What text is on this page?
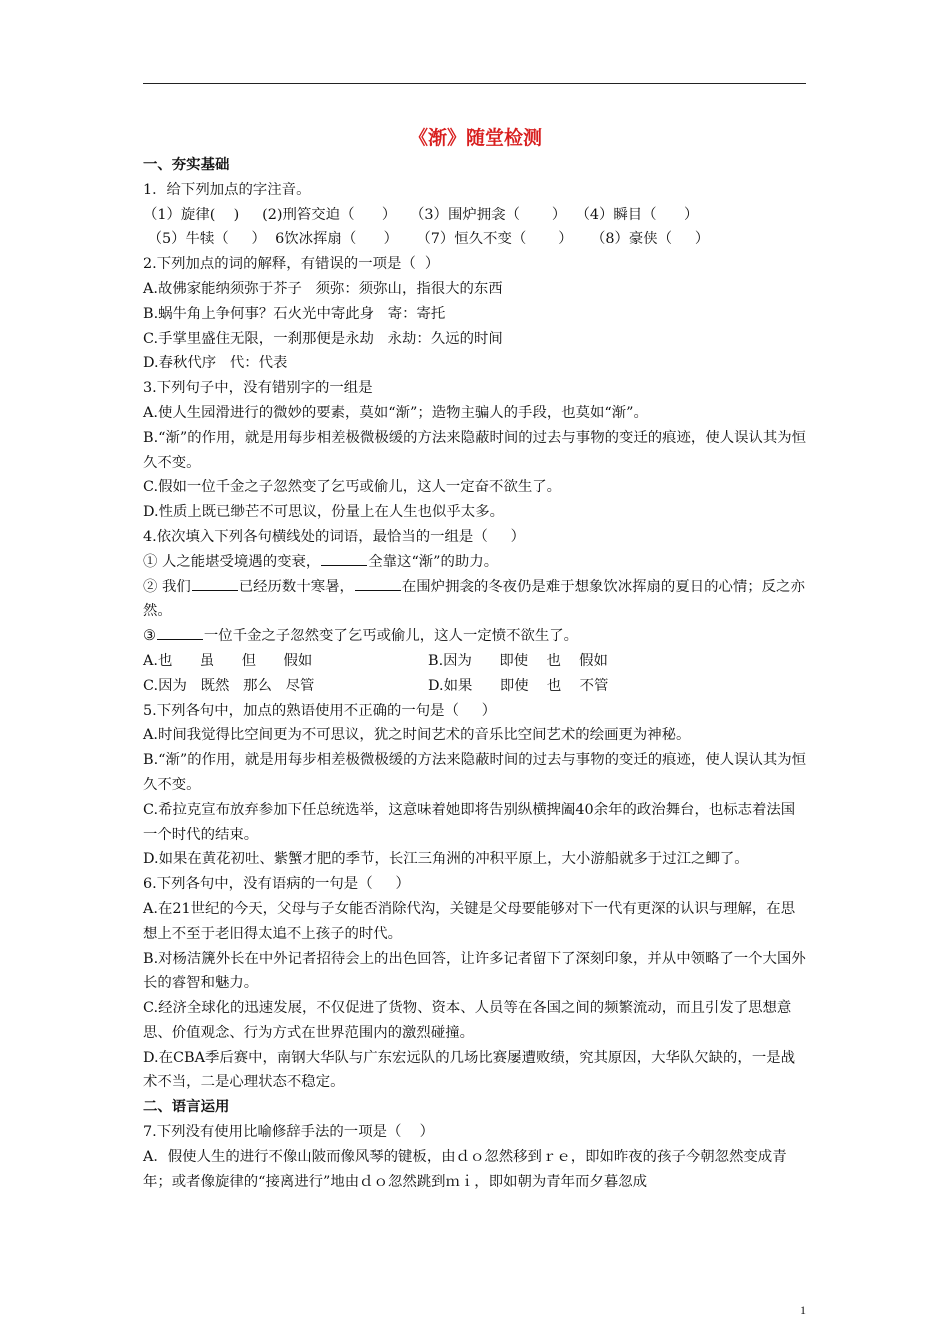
《渐》随堂检测
一、夯实基础
1．给下列加点的字注音。
（1）旋律(    )     (2)刑笞交迫（      ）   （3）围炉拥衾（       ）  （4）瞬目（      ）
（5）牛犊（     ）  6饮冰挥扇（      ）    （7）恒久不变（       ）    （8）豪侠（     ）
2.下列加点的词的解释，有错误的一项是（  ）
A.故佛家能纳须弥于芥子   须弥：须弥山，指很大的东西
B.蜗牛角上争何事？石火光中寄此身   寄：寄托
C.手掌里盛住无限，一刹那便是永劫   永劫：久远的时间
D.春秋代序   代：代表
3.下列句子中，没有错别字的一组是
A.使人生园滑进行的微妙的要素，莫如“渐”；造物主骗人的手段，也莫如“渐”。
B.“渐”的作用，就是用每步相差极微极缓的方法来隐蔽时间的过去与事物的变迁的痕迹，使人误认其为恒久不变。
C.假如一位千金之子忽然变了乞丐或偷儿，这人一定奋不欲生了。
D.性质上既已缈芒不可思议，份量上在人生也似乎太多。
4.依次填入下列各句横线处的词语，最恰当的一组是（     ）
① 人之能堪受境遇的变衰，	全靠这“渐”的助力。
② 我们	已经历数十寒暑，	在围炉拥衾的冬夜仍是难于想象饮冰挥扇的夏日的心情；反之亦然。
③	一位千金之子忽然变了乞丐或偷儿，这人一定愤不欲生了。
A.也      虽      但      假如	B.因为      即使    也    假如
C.因为   既然   那么   尽管	D.如果      即使    也    不管
5.下列各句中，加点的熟语使用不正确的一句是（     ）
A.时间我觉得比空间更为不可思议，犹之时间艺术的音乐比空间艺术的绘画更为神秘。
B.“渐”的作用，就是用每步相差极微极缓的方法来隐蔽时间的过去与事物的变迁的痕迹，使人误认其为恒久不变。
C.希拉克宣布放弃参加下任总统选举，这意味着她即将告别纵横捭阖40余年的政治舞台，也标志着法国一个时代的结束。
D.如果在黄花初吐、紫蟹才肥的季节，长江三角洲的冲积平原上，大小游船就多于过江之鲫了。
6.下列各句中，没有语病的一句是（     ）
A.在21世纪的今天，父母与子女能否消除代沟，关键是父母要能够对下一代有更深的认识与理解，在思想上不至于老旧得太追不上孩子的时代。
B.对杨洁篪外长在中外记者招待会上的出色回答，让许多记者留下了深刻印象，并从中领略了一个大国外长的睿智和魅力。
C.经济全球化的迅速发展，不仅促进了货物、资本、人员等在各国之间的频繁流动，而且引发了思想意思、价值观念、行为方式在世界范围内的激烈碰撞。
D.在CBA季后赛中，南钢大华队与广东宏远队的几场比赛屡遭败绩，究其原因，大华队欠缺的，一是战术不当，二是心理状态不稳定。
二、语言运用
7.下列没有使用比喻修辞手法的一项是（    ）
A．假使人生的进行不像山陂而像风琴的键板，由ｄｏ忽然移到ｒｅ，即如昨夜的孩子今朝忽然变成青年；或者像旋律的“接离进行”地由ｄｏ忽然跳到ｍｉ，即如朝为青年而夕暮忽成
1
